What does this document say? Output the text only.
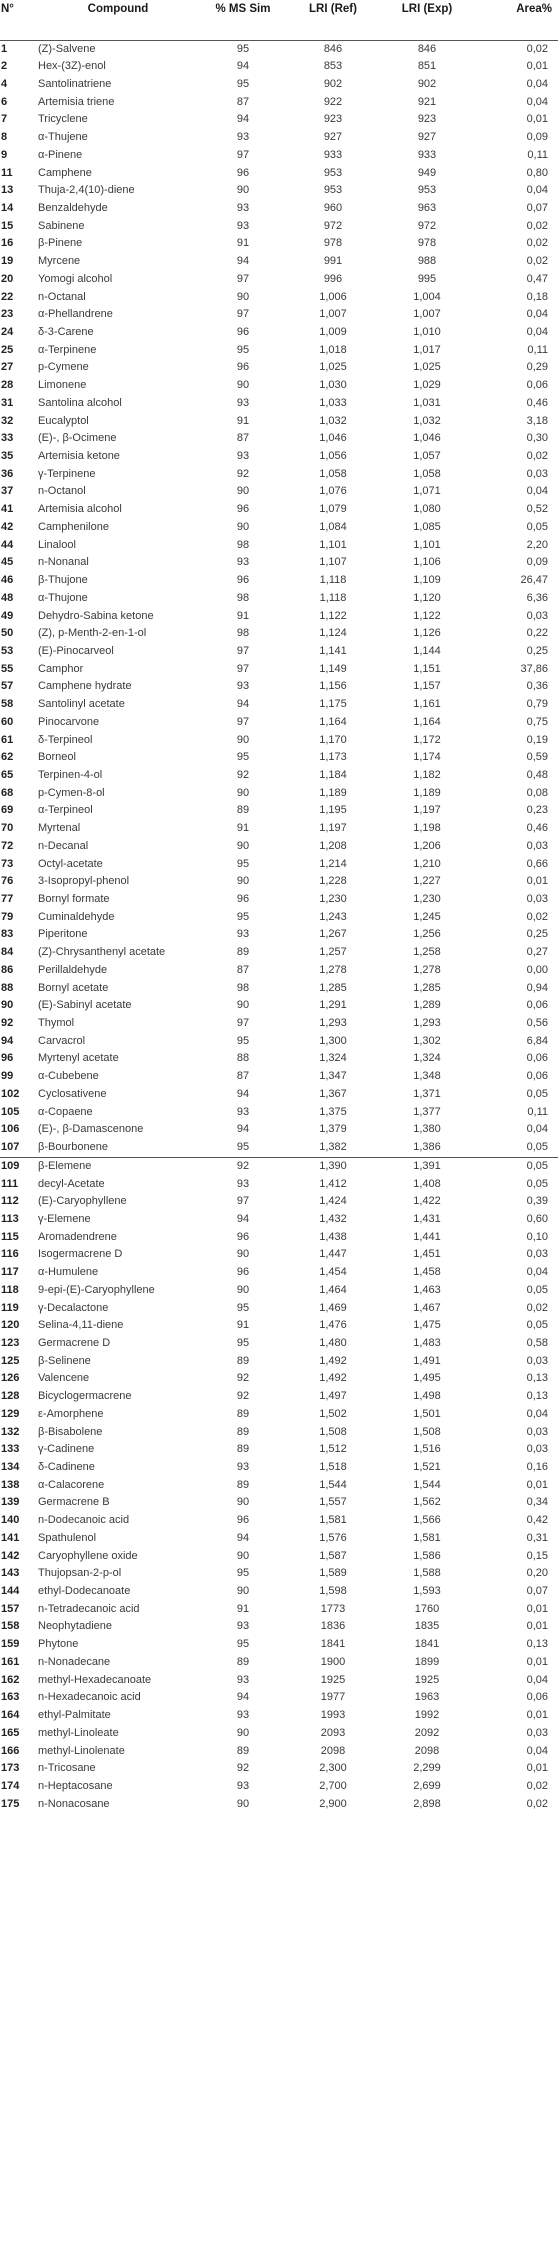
N°	Compound	% MS Sim	LRI (Ref)	LRI (Exp)	Area%
1	(Z)-Salvene	95	846	846	0,02
2	Hex-(3Z)-enol	94	853	851	0,01
4	Santolinatriene	95	902	902	0,04
6	Artemisia triene	87	922	921	0,04
7	Tricyclene	94	923	923	0,01
8	α-Thujene	93	927	927	0,09
9	α-Pinene	97	933	933	0,11
11	Camphene	96	953	949	0,80
13	Thuja-2,4(10)-diene	90	953	953	0,04
14	Benzaldehyde	93	960	963	0,07
15	Sabinene	93	972	972	0,02
16	β-Pinene	91	978	978	0,02
19	Myrcene	94	991	988	0,02
20	Yomogi alcohol	97	996	995	0,47
22	n-Octanal	90	1,006	1,004	0,18
23	α-Phellandrene	97	1,007	1,007	0,04
24	δ-3-Carene	96	1,009	1,010	0,04
25	α-Terpinene	95	1,018	1,017	0,11
27	p-Cymene	96	1,025	1,025	0,29
28	Limonene	90	1,030	1,029	0,06
31	Santolina alcohol	93	1,033	1,031	0,46
32	Eucalyptol	91	1,032	1,032	3,18
33	(E)-, β-Ocimene	87	1,046	1,046	0,30
35	Artemisia ketone	93	1,056	1,057	0,02
36	γ-Terpinene	92	1,058	1,058	0,03
37	n-Octanol	90	1,076	1,071	0,04
41	Artemisia alcohol	96	1,079	1,080	0,52
42	Camphenilone	90	1,084	1,085	0,05
44	Linalool	98	1,101	1,101	2,20
45	n-Nonanal	93	1,107	1,106	0,09
46	β-Thujone	96	1,118	1,109	26,47
48	α-Thujone	98	1,118	1,120	6,36
49	Dehydro-Sabina ketone	91	1,122	1,122	0,03
50	(Z), p-Menth-2-en-1-ol	98	1,124	1,126	0,22
53	(E)-Pinocarveol	97	1,141	1,144	0,25
55	Camphor	97	1,149	1,151	37,86
57	Camphene hydrate	93	1,156	1,157	0,36
58	Santolinyl acetate	94	1,175	1,161	0,79
60	Pinocarvone	97	1,164	1,164	0,75
61	δ-Terpineol	90	1,170	1,172	0,19
62	Borneol	95	1,173	1,174	0,59
65	Terpinen-4-ol	92	1,184	1,182	0,48
68	p-Cymen-8-ol	90	1,189	1,189	0,08
69	α-Terpineol	89	1,195	1,197	0,23
70	Myrtenal	91	1,197	1,198	0,46
72	n-Decanal	90	1,208	1,206	0,03
73	Octyl-acetate	95	1,214	1,210	0,66
76	3-Isopropyl-phenol	90	1,228	1,227	0,01
77	Bornyl formate	96	1,230	1,230	0,03
79	Cuminaldehyde	95	1,243	1,245	0,02
83	Piperitone	93	1,267	1,256	0,25
84	(Z)-Chrysanthenyl acetate	89	1,257	1,258	0,27
86	Perillaldehyde	87	1,278	1,278	0,00
88	Bornyl acetate	98	1,285	1,285	0,94
90	(E)-Sabinyl acetate	90	1,291	1,289	0,06
92	Thymol	97	1,293	1,293	0,56
94	Carvacrol	95	1,300	1,302	6,84
96	Myrtenyl acetate	88	1,324	1,324	0,06
99	α-Cubebene	87	1,347	1,348	0,06
102	Cyclosativene	94	1,367	1,371	0,05
105	α-Copaene	93	1,375	1,377	0,11
106	(E)-, β-Damascenone	94	1,379	1,380	0,04
107	β-Bourbonene	95	1,382	1,386	0,05
109	β-Elemene	92	1,390	1,391	0,05
111	decyl-Acetate	93	1,412	1,408	0,05
112	(E)-Caryophyllene	97	1,424	1,422	0,39
113	γ-Elemene	94	1,432	1,431	0,60
115	Aromadendrene	96	1,438	1,441	0,10
116	Isogermacrene D	90	1,447	1,451	0,03
117	α-Humulene	96	1,454	1,458	0,04
118	9-epi-(E)-Caryophyllene	90	1,464	1,463	0,05
119	γ-Decalactone	95	1,469	1,467	0,02
120	Selina-4,11-diene	91	1,476	1,475	0,05
123	Germacrene D	95	1,480	1,483	0,58
125	β-Selinene	89	1,492	1,491	0,03
126	Valencene	92	1,492	1,495	0,13
128	Bicyclogermacrene	92	1,497	1,498	0,13
129	ε-Amorphene	89	1,502	1,501	0,04
132	β-Bisabolene	89	1,508	1,508	0,03
133	γ-Cadinene	89	1,512	1,516	0,03
134	δ-Cadinene	93	1,518	1,521	0,16
138	α-Calacorene	89	1,544	1,544	0,01
139	Germacrene B	90	1,557	1,562	0,34
140	n-Dodecanoic acid	96	1,581	1,566	0,42
141	Spathulenol	94	1,576	1,581	0,31
142	Caryophyllene oxide	90	1,587	1,586	0,15
143	Thujopsan-2-p-ol	95	1,589	1,588	0,20
144	ethyl-Dodecanoate	90	1,598	1,593	0,07
157	n-Tetradecanoic acid	91	1773	1760	0,01
158	Neophytadiene	93	1836	1835	0,01
159	Phytone	95	1841	1841	0,13
161	n-Nonadecane	89	1900	1899	0,01
162	methyl-Hexadecanoate	93	1925	1925	0,04
163	n-Hexadecanoic acid	94	1977	1963	0,06
164	ethyl-Palmitate	93	1993	1992	0,01
165	methyl-Linoleate	90	2093	2092	0,03
166	methyl-Linolenate	89	2098	2098	0,04
173	n-Tricosane	92	2,300	2,299	0,01
174	n-Heptacosane	93	2,700	2,699	0,02
175	n-Nonacosane	90	2,900	2,898	0,02
